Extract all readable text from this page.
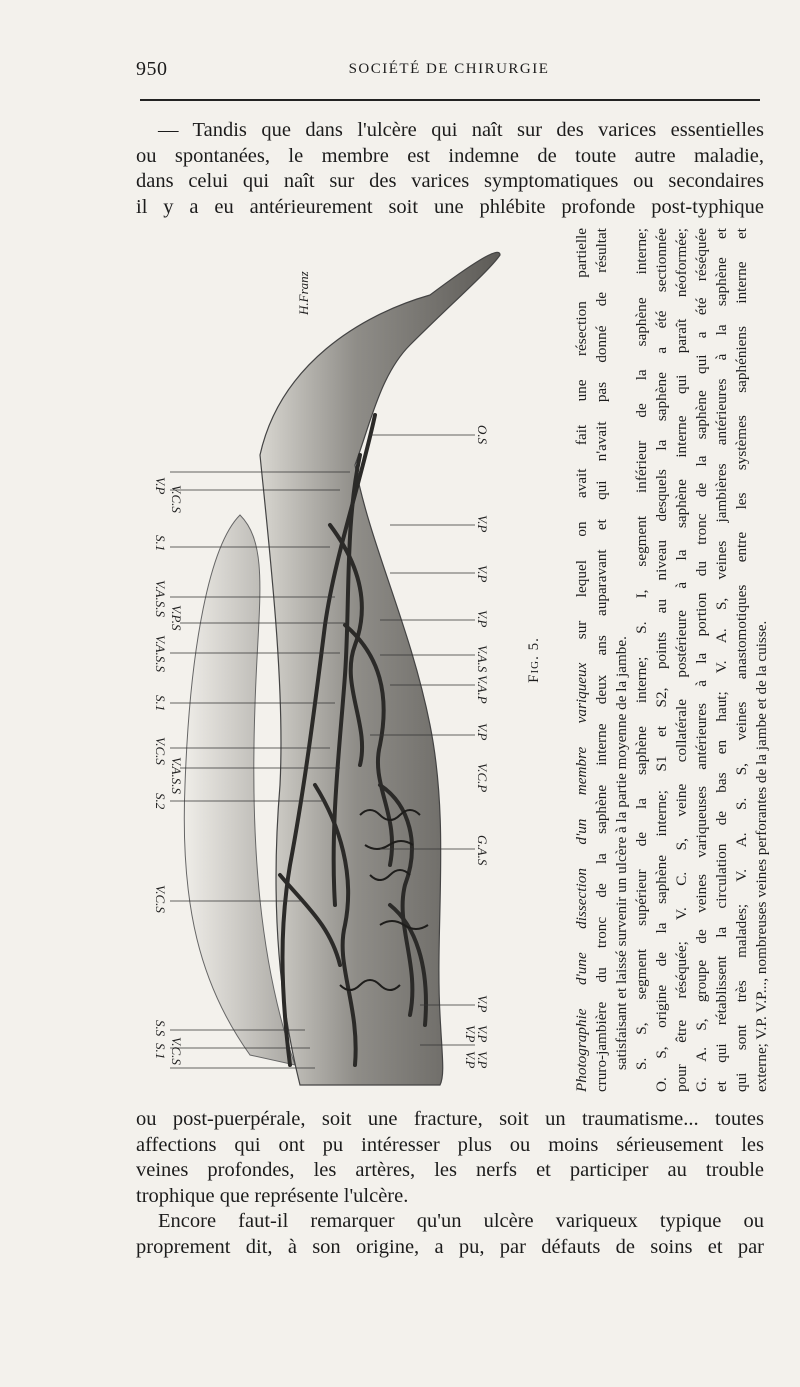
950	SOCIÉTÉ DE CHIRURGIE
— Tandis que dans l'ulcère qui naît sur des varices essentielles
ou spontanées, le membre est indemne de toute autre maladie,
dans celui qui naît sur des varices symptomatiques ou secondaires
il y a eu antérieurement soit une phlébite profonde post-typhique
V.P V.C.S
S.1
V.A.S.S
V.P.S
V.A.S.S
S.1
V.C.S
V.A.S.S
S.2
V.C.S
S.S
S.1 V.C.S
O.S
V.P
V.P
V.P
V.A.S
V.A.P
V.P
V.C.P
G.A.S
V.P
V.P
V.P
V.P
V.P
H.Franz
Fig. 5.
Photographie d'une dissection d'un membre variqueux sur lequel on avait fait une résection partielle cruro-jambière du tronc de la saphène interne deux ans auparavant et qui n'avait pas donné de résultat satisfaisant et laissé survenir un ulcère à la partie moyenne de la jambe. S. S, segment supérieur de la saphène interne; S. I, segment inférieur de la saphène interne; O. S, origine de la saphène interne; S1 et S2, points au niveau desquels la saphène a été sectionnée pour être réséquée; V. C. S, veine collatérale postérieure à la saphène interne qui paraît néoformée; G. A. S, groupe de veines variqueuses antérieures à la portion du tronc de la saphène qui a été réséquée et qui rétablissent la circulation de bas en haut; V. A. S, veines jambières antérieures à la saphène et qui sont très malades; V. A. S. S, veines anastomotiques entre les systèmes saphéniens interne et externe; V.P. V.P..., nombreuses veines perforantes de la jambe et de la cuisse.
ou post-puerpérale, soit une fracture, soit un traumatisme... toutes
affections qui ont pu intéresser plus ou moins sérieusement les
veines profondes, les artères, les nerfs et participer au trouble
trophique que représente l'ulcère.
Encore faut-il remarquer qu'un ulcère variqueux typique ou
proprement dit, à son origine, a pu, par défauts de soins et par
